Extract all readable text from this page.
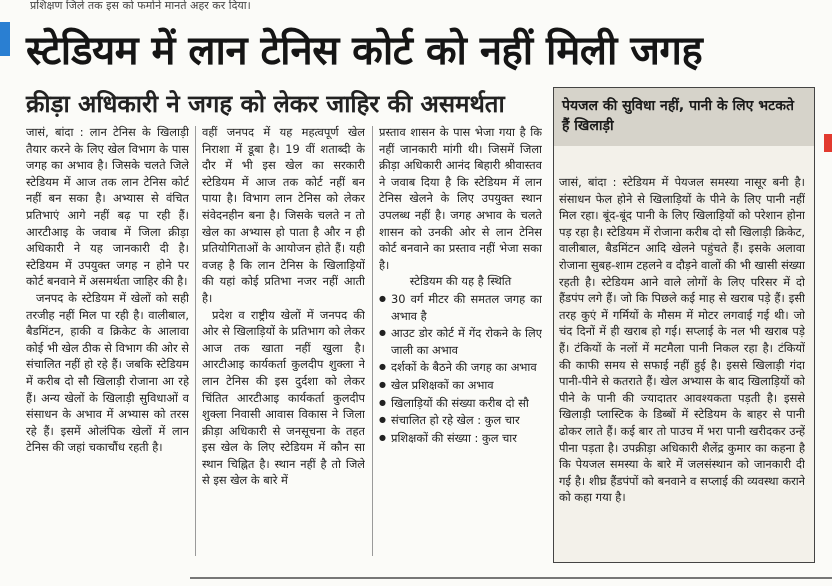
प्रशिक्षण जिले तक इस को फर्माने मानते अहर कर दिया।
स्टेडियम में लान टेनिस कोर्ट को नहीं मिली जगह
क्रीड़ा अधिकारी ने जगह को लेकर जाहिर की असमर्थता

जासं, बांदा : लान टेनिस के खिलाड़ी तैयार करने के लिए खेल विभाग के पास जगह का अभाव है। जिसके चलते जिले स्टेडियम में आज तक लान टेनिस कोर्ट नहीं बन सका है। अभ्यास से वंचित प्रतिभाएं आगे नहीं बढ़ पा रही हैं। आरटीआइ के जवाब में जिला क्रीड़ा अधिकारी ने यह जानकारी दी है। स्टेडियम में उपयुक्त जगह न होने पर कोर्ट बनवाने में असमर्थता जाहिर की है।

जनपद के स्टेडियम में खेलों को सही तरजीह नहीं मिल पा रही है। वालीबाल, बैडमिंटन, हाकी व क्रिकेट के आलावा कोई भी खेल ठीक से विभाग की ओर से संचालित नहीं हो रहे हैं। जबकि स्टेडियम में करीब दो सौ खिलाड़ी रोजाना आ रहे हैं। अन्य खेलों के खिलाड़ी सुविधाओं व संसाधन के अभाव में अभ्यास को तरस रहे हैं। इसमें ओलंपिक खेलों में लान टेनिस की जहां चकाचौंध रहती है।

वहीं जनपद में यह महत्वपूर्ण खेल निराशा में डूबा है। 19 वीं शताब्दी के दौर में भी इस खेल का सरकारी स्टेडियम में आज तक कोर्ट नहीं बन पाया है। विभाग लान टेनिस को लेकर संवेदनहीन बना है। जिसके चलते न तो खेल का अभ्यास हो पाता है और न ही प्रतियोगिताओं के आयोजन होते हैं। यही वजह है कि लान टेनिस के खिलाड़ियों की यहां कोई प्रतिभा नजर नहीं आती है।

प्रदेश व राष्ट्रीय खेलों में जनपद की ओर से खिलाड़ियों के प्रतिभाग को लेकर आज तक खाता नहीं खुला है। आरटीआइ कार्यकर्ता कुलदीप शुक्ला ने लान टेनिस की इस दुर्दशा को लेकर चिंतित आरटीआइ कार्यकर्ता कुलदीप शुक्ला निवासी आवास विकास ने जिला क्रीड़ा अधिकारी से जनसूचना के तहत इस खेल के लिए स्टेडियम में कौन सा स्थान चिह्नित है। स्थान नहीं है तो जिले से इस खेल के बारे में

प्रस्ताव शासन के पास भेजा गया है कि नहीं जानकारी मांगी थी। जिसमें जिला क्रीड़ा अधिकारी आनंद बिहारी श्रीवास्तव ने जवाब दिया है कि स्टेडियम में लान टेनिस खेलने के लिए उपयुक्त स्थान उपलब्ध नहीं है। जगह अभाव के चलते शासन को उनकी ओर से लान टेनिस कोर्ट बनवाने का प्रस्ताव नहीं भेजा सका है।

स्टेडियम की यह है स्थिति

● 30 वर्ग मीटर की समतल जगह का अभाव है
● आउट डोर कोर्ट में गेंद रोकने के लिए जाली का अभाव
● दर्शकों के बैठने की जगह का अभाव
● खेल प्रशिक्षकों का अभाव
● खिलाड़ियों की संख्या करीब दो सौ
● संचालित हो रहे खेल : कुल चार
● प्रशिक्षकों की संख्या : कुल चार
पेयजल की सुविधा नहीं, पानी के लिए भटकते हैं खिलाड़ी
जासं, बांदा : स्टेडियम में पेयजल समस्या नासूर बनी है। संसाधन फेल होने से खिलाड़ियों के पीने के लिए पानी नहीं मिल रहा। बूंद-बूंद पानी के लिए खिलाड़ियों को परेशान होना पड़ रहा है। स्टेडियम में रोजाना करीब दो सौ खिलाड़ी क्रिकेट, वालीबाल, बैडमिंटन आदि खेलने पहुंचते हैं। इसके अलावा रोजाना सुबह-शाम टहलने व दौड़ने वालों की भी खासी संख्या रहती है। स्टेडियम आने वाले लोगों के लिए परिसर में दो हैंडपंप लगे हैं। जो कि पिछले कई माह से खराब पड़े हैं। इसी तरह कुएं में गर्मियों के मौसम में मोटर लगवाई गई थी। जो चंद दिनों में ही खराब हो गई। सप्लाई के नल भी खराब पड़े हैं। टंकियों के नलों में मटमैला पानी निकल रहा है। टंकियों की काफी समय से सफाई नहीं हुई है। इससे खिलाड़ी गंदा पानी-पीने से कतराते हैं। खेल अभ्यास के बाद खिलाड़ियों को पीने के पानी की ज्यादातर आवश्यकता पड़ती है। इससे खिलाड़ी प्लास्टिक के डिब्बों में स्टेडियम के बाहर से पानी ढोकर लाते हैं। कई बार तो पाउच में भरा पानी खरीदकर उन्हें पीना पड़ता है। उपक्रीड़ा अधिकारी शैलेंद्र कुमार का कहना है कि पेयजल समस्या के बारे में जलसंस्थान को जानकारी दी गई है। शीघ्र हैंडपंपों को बनवाने व सप्लाई की व्यवस्था कराने को कहा गया है।
